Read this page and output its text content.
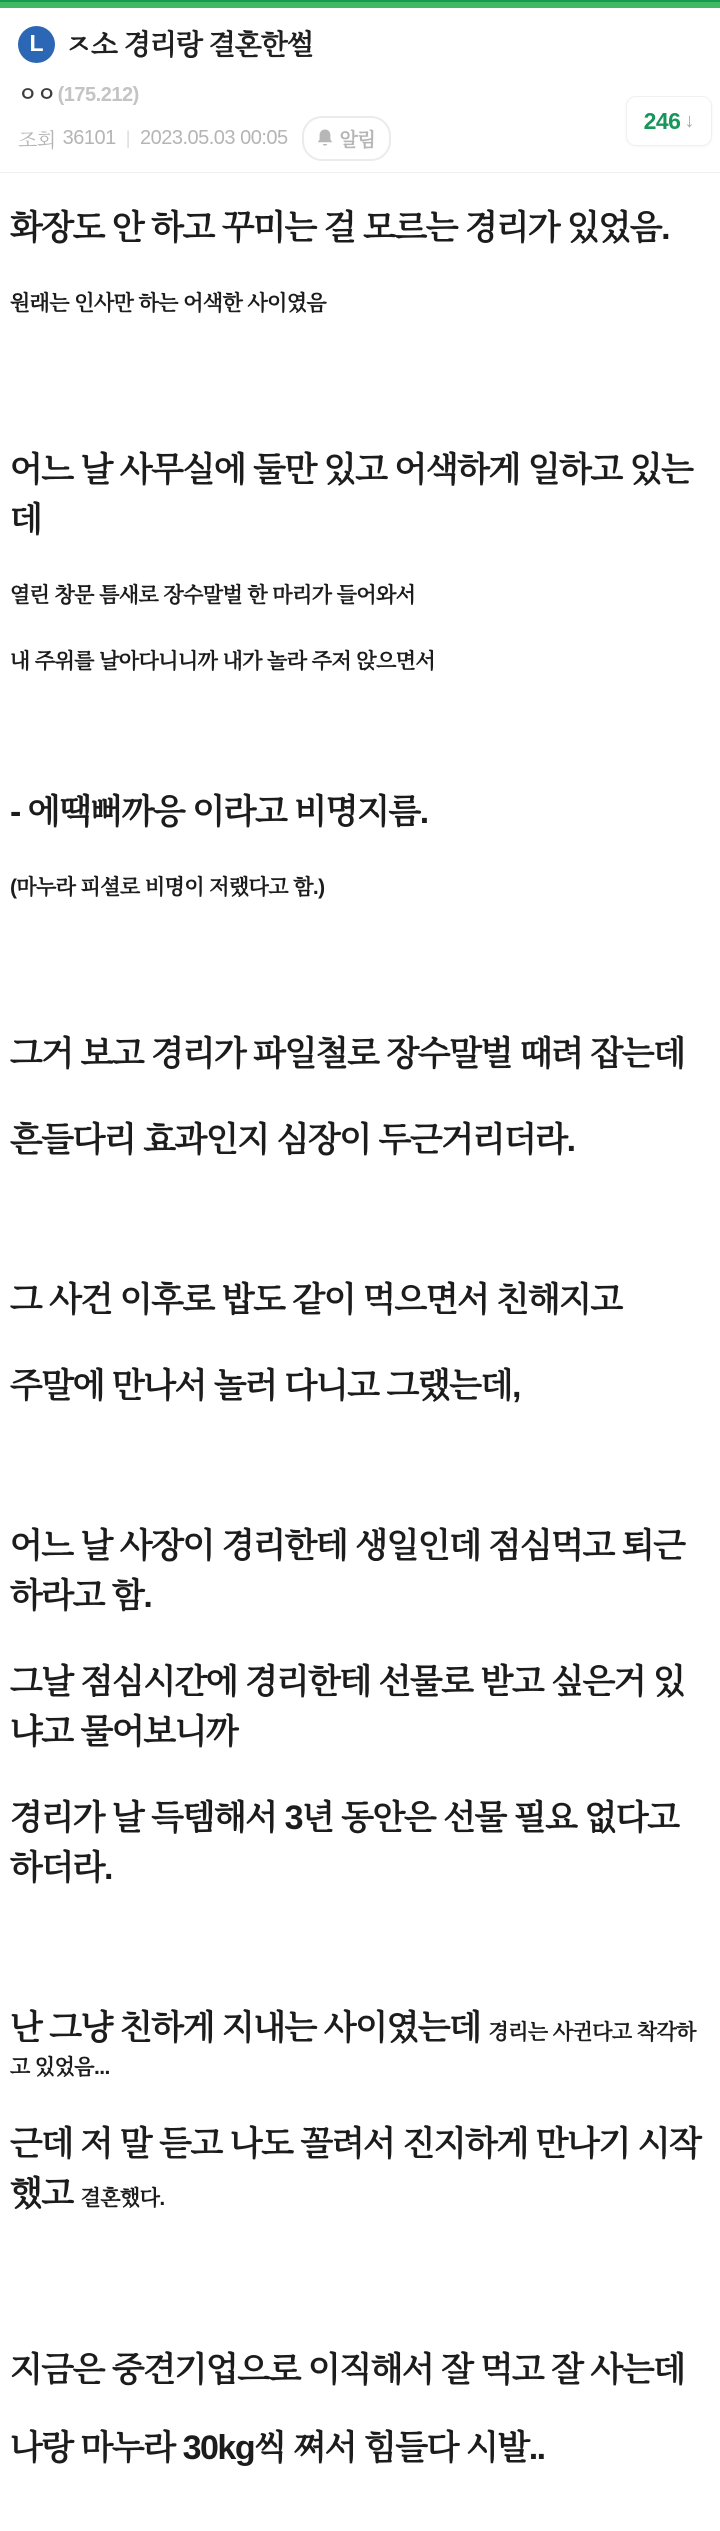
L ㅈ소 경리랑 결혼한썰
ㅇㅇ (175.212)
조회 36101 | 2023.05.03 00:05	알림
246 ↓

화장도 안 하고 꾸미는 걸 모르는 경리가 있었음.

원래는 인사만 하는 어색한 사이였음

어느 날 사무실에 둘만 있고 어색하게 일하고 있는데

열린 창문 틈새로 장수말벌 한 마리가 들어와서

내 주위를 날아다니니까 내가 놀라 주저 앉으면서

- 에땍뻐까응 이라고 비명지름.

(마누라 피셜로 비명이 저랬다고 함.)

그거 보고 경리가 파일철로 장수말벌 때려 잡는데

흔들다리 효과인지 심장이 두근거리더라.

그 사건 이후로 밥도 같이 먹으면서 친해지고

주말에 만나서 놀러 다니고 그랬는데,

어느 날 사장이 경리한테 생일인데 점심먹고 퇴근하라고 함.

그날 점심시간에 경리한테 선물로 받고 싶은거 있냐고 물어보니까

경리가 날 득템해서 3년 동안은 선물 필요 없다고 하더라.

난 그냥 친하게 지내는 사이였는데 경리는 사귄다고 착각하고 있었음...

근데 저 말 듣고 나도 꼴려서 진지하게 만나기 시작했고 결혼했다.

지금은 중견기업으로 이직해서 잘 먹고 잘 사는데

나랑 마누라 30kg씩 쪄서 힘들다 시발..
